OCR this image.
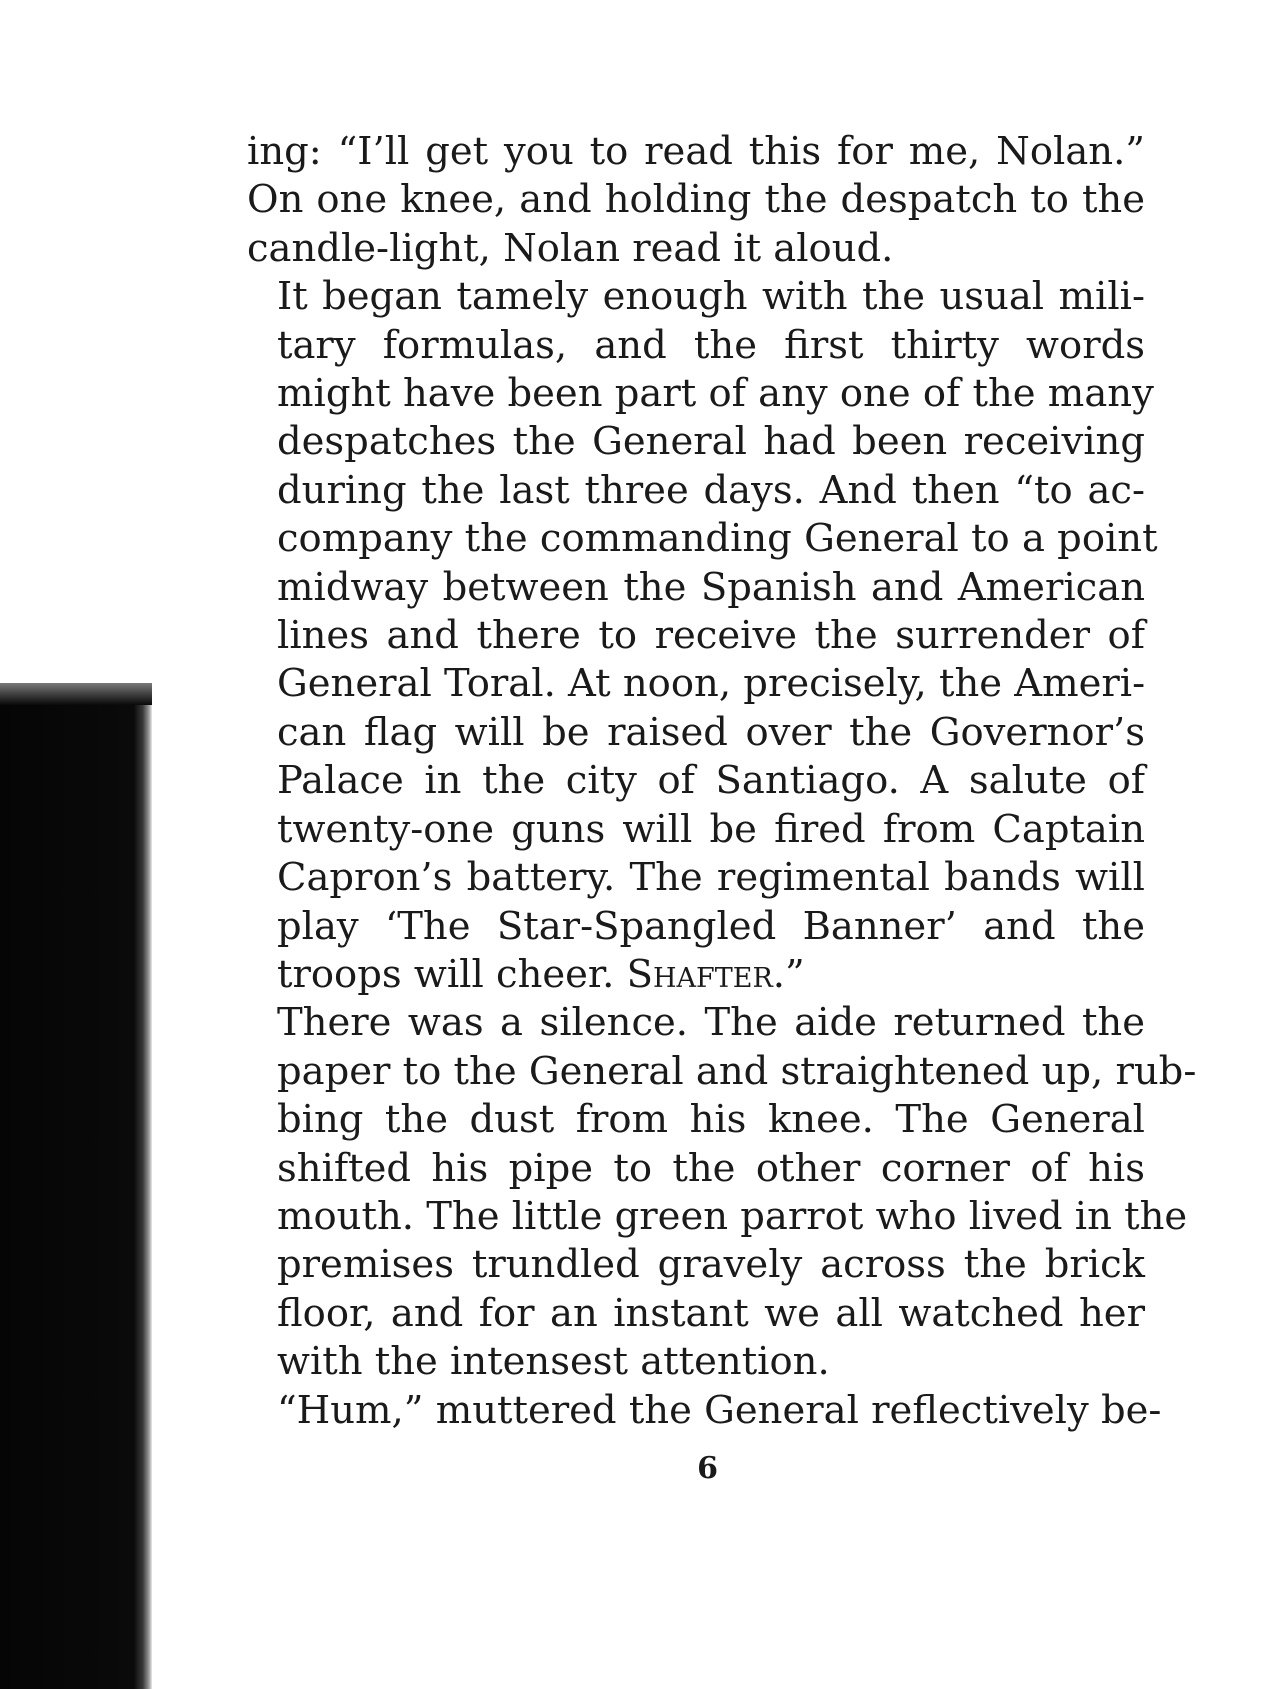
ing: “I’ll get you to read this for me, Nolan.”
On one knee, and holding the despatch to the
candle-light, Nolan read it aloud.

It began tamely enough with the usual mili-
tary formulas, and the first thirty words
might have been part of any one of the many
despatches the General had been receiving
during the last three days. And then “to ac-
company the commanding General to a point
midway between the Spanish and American
lines and there to receive the surrender of
General Toral. At noon, precisely, the Ameri-
can flag will be raised over the Governor’s
Palace in the city of Santiago. A salute of
twenty-one guns will be fired from Captain
Capron’s battery. The regimental bands will
play ‘The Star-Spangled Banner’ and the
troops will cheer. Shafter.”

There was a silence. The aide returned the
paper to the General and straightened up, rub-
bing the dust from his knee. The General
shifted his pipe to the other corner of his
mouth. The little green parrot who lived in the
premises trundled gravely across the brick
floor, and for an instant we all watched her
with the intensest attention.

“Hum,” muttered the General reflectively be-

6
